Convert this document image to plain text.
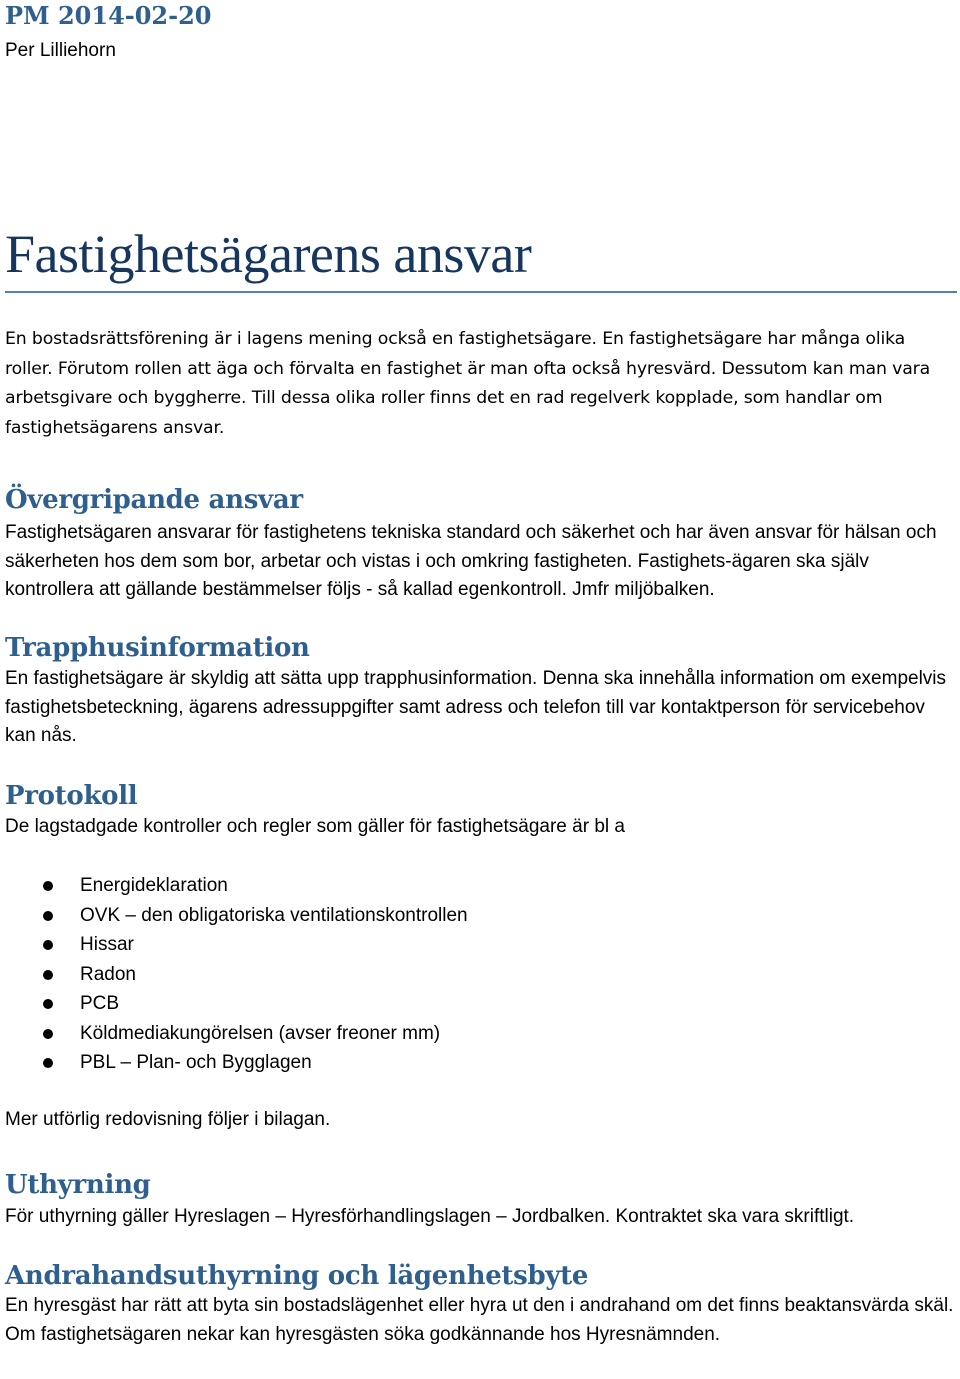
PM 2014-02-20
Per Lilliehorn
Fastighetsägarens ansvar

En bostadsrättsförening är i lagens mening också en fastighetsägare. En fastighetsägare har många olika roller. Förutom rollen att äga och förvalta en fastighet är man ofta också hyresvärd. Dessutom kan man vara arbetsgivare och byggherre. Till dessa olika roller finns det en rad regelverk kopplade, som handlar om fastighetsägarens ansvar.

Övergripande ansvar

Fastighetsägaren ansvarar för fastighetens tekniska standard och säkerhet och har även ansvar för hälsan och säkerheten hos dem som bor, arbetar och vistas i och omkring fastigheten. Fastighets-ägaren ska själv kontrollera att gällande bestämmelser följs - så kallad egenkontroll. Jmfr miljöbalken.

Trapphusinformation

En fastighetsägare är skyldig att sätta upp trapphusinformation. Denna ska innehålla information om exempelvis fastighetsbeteckning, ägarens adressuppgifter samt adress och telefon till var kontaktperson för servicebehov kan nås.

Protokoll

De lagstadgade kontroller och regler som gäller för fastighetsägare är bl a

Energideklaration
OVK – den obligatoriska ventilationskontrollen
Hissar
Radon
PCB
Köldmediakungörelsen (avser freoner mm)
PBL – Plan- och Bygglagen

Mer utförlig redovisning följer i bilagan.

Uthyrning

För uthyrning gäller Hyreslagen – Hyresförhandlingslagen – Jordbalken. Kontraktet ska vara skriftligt.

Andrahandsuthyrning och lägenhetsbyte

En hyresgäst har rätt att byta sin bostadslägenhet eller hyra ut den i andrahand om det finns beaktansvärda skäl. Om fastighetsägaren nekar kan hyresgästen söka godkännande hos Hyresnämnden.
